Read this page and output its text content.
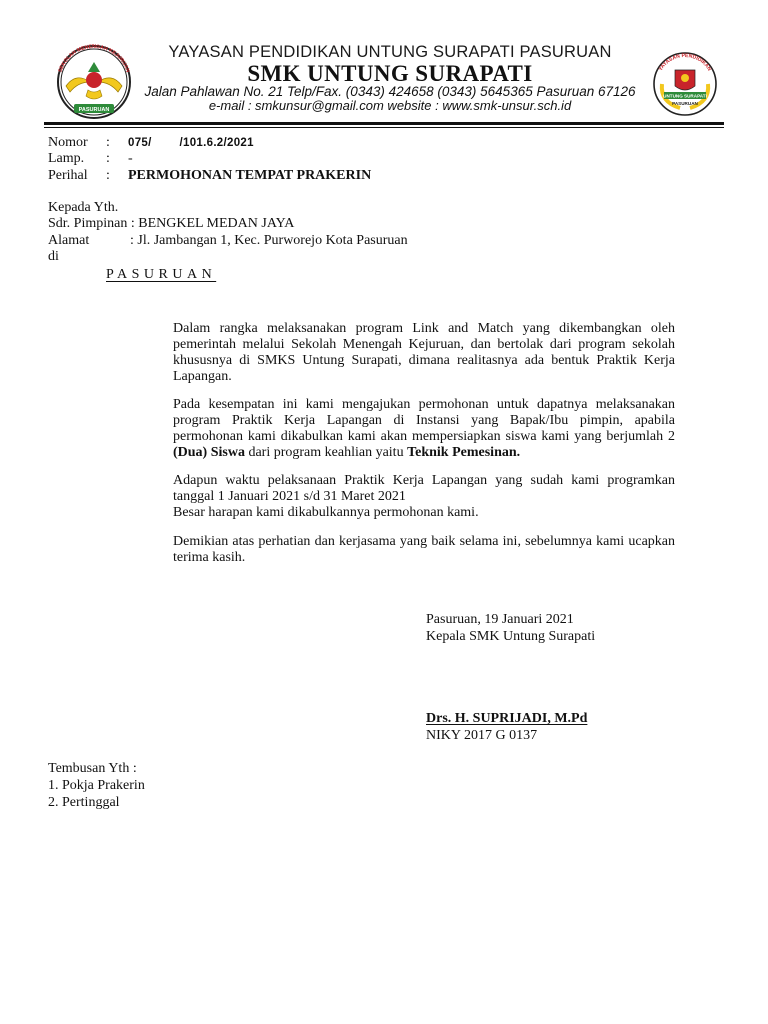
SEKOLAH MENENGAH KEJURUAN
PASURUAN
YAYASAN PENDIDIKAN
UNTUNG SURAPATI
PASURUAN
YAYASAN PENDIDIKAN UNTUNG SURAPATI PASURUAN
SMK UNTUNG SURAPATI
Jalan Pahlawan No. 21 Telp/Fax. (0343) 424658 (0343) 5645365 Pasuruan 67126
e-mail : smkunsur@gmail.com website : www.smk-unsur.sch.id
Nomor : 075/        /101.6.2/2021
Lamp. : -
Perihal : PERMOHONAN TEMPAT PRAKERIN
Kepada Yth.
Sdr. Pimpinan : BENGKEL MEDAN JAYA
Alamat	: Jl. Jambangan 1, Kec. Purworejo Kota Pasuruan
di
PASURUAN
Dalam rangka melaksanakan program Link and Match yang dikembangkan oleh pemerintah melalui Sekolah Menengah Kejuruan, dan bertolak dari program sekolah khususnya di SMKS Untung Surapati, dimana realitasnya ada bentuk Praktik Kerja Lapangan.
Pada kesempatan ini kami mengajukan permohonan untuk dapatnya melaksanakan program Praktik Kerja Lapangan di Instansi yang Bapak/Ibu pimpin, apabila permohonan kami dikabulkan kami akan mempersiapkan siswa kami yang berjumlah 2 (Dua) Siswa dari program keahlian yaitu Teknik Pemesinan.
Adapun waktu pelaksanaan Praktik Kerja Lapangan yang sudah kami programkan tanggal 1 Januari 2021 s/d 31 Maret 2021
Besar harapan kami dikabulkannya permohonan kami.
Demikian atas perhatian dan kerjasama yang baik selama ini, sebelumnya kami ucapkan terima kasih.
Pasuruan, 19 Januari 2021
Kepala SMK Untung Surapati
Drs. H. SUPRIJADI, M.Pd
NIKY 2017 G 0137
Tembusan Yth :
1. Pokja Prakerin
2. Pertinggal
